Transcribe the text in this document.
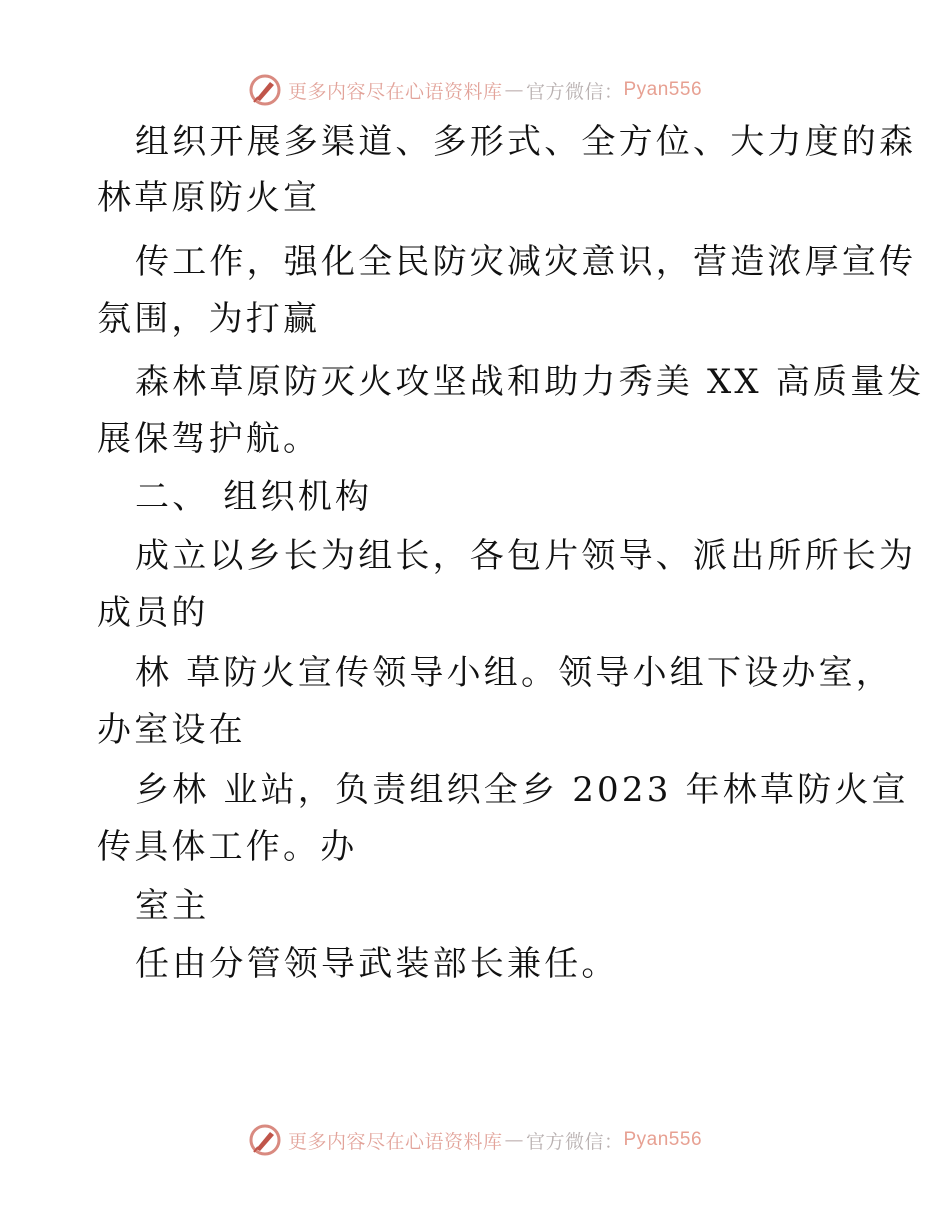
更多内容尽在心语资料库 — 官方微信： Pyan556
组织开展多渠道、多形式、全方位、大力度的森
林草原防火宣
传工作，强化全民防灾减灾意识，营造浓厚宣传
氛围，为打赢
森林草原防灭火攻坚战和助力秀美 XX 高质量发
展保驾护航。
二、 组织机构
成立以乡长为组长，各包片领导、派出所所长为
成员的
林 草防火宣传领导小组。领导小组下设办室，
办室设在
乡林 业站，负责组织全乡 2023 年林草防火宣
传具体工作。办
室主
任由分管领导武装部长兼任。
更多内容尽在心语资料库 — 官方微信： Pyan556
